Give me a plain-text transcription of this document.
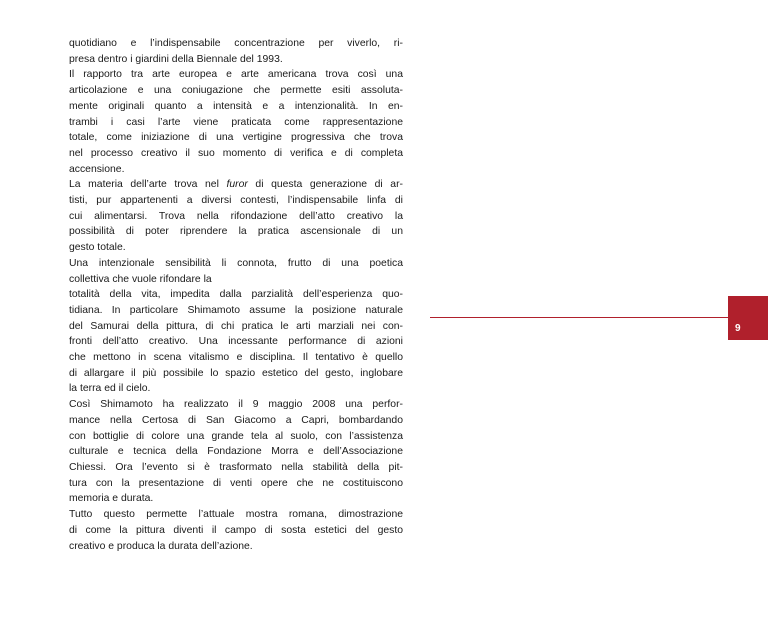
quotidiano e l’indispensabile concentrazione per viverlo, ri-
presa dentro i giardini della Biennale del 1993.
Il rapporto tra arte europea e arte americana trova così una
articolazione e una coniugazione che permette esiti assoluta-
mente originali quanto a intensità e a intenzionalità. In en-
trambi i casi l’arte viene praticata come rappresentazione
totale, come iniziazione di una vertigine progressiva che trova
nel processo creativo il suo momento di verifica e di completa
accensione.
La materia dell’arte trova nel furor di questa generazione di ar-
tisti, pur appartenenti a diversi contesti, l’indispensabile linfa di
cui alimentarsi. Trova nella rifondazione dell’atto creativo la
possibilità di poter riprendere la pratica ascensionale di un
gesto totale.
Una intenzionale sensibilità li connota, frutto di una poetica
collettiva che vuole rifondare la
totalità della vita, impedita dalla parzialità dell’esperienza quo-
tidiana. In particolare Shimamoto assume la posizione naturale
del Samurai della pittura, di chi pratica le arti marziali nei con-
fronti dell’atto creativo. Una incessante performance di azioni
che mettono in scena vitalismo e disciplina. Il tentativo è quello
di allargare il più possibile lo spazio estetico del gesto, inglobare
la terra ed il cielo.
Così Shimamoto ha realizzato il 9 maggio 2008 una perfor-
mance nella Certosa di San Giacomo a Capri, bombardando
con bottiglie di colore una grande tela al suolo, con l’assistenza
culturale e tecnica della Fondazione Morra e dell’Associazione
Chiessi. Ora l’evento si è trasformato nella stabilità della pit-
tura con la presentazione di venti opere che ne costituiscono
memoria e durata.
Tutto questo permette l’attuale mostra romana, dimostrazione
di come la pittura diventi il campo di sosta estetici del gesto
creativo e produca la durata dell’azione.
9
